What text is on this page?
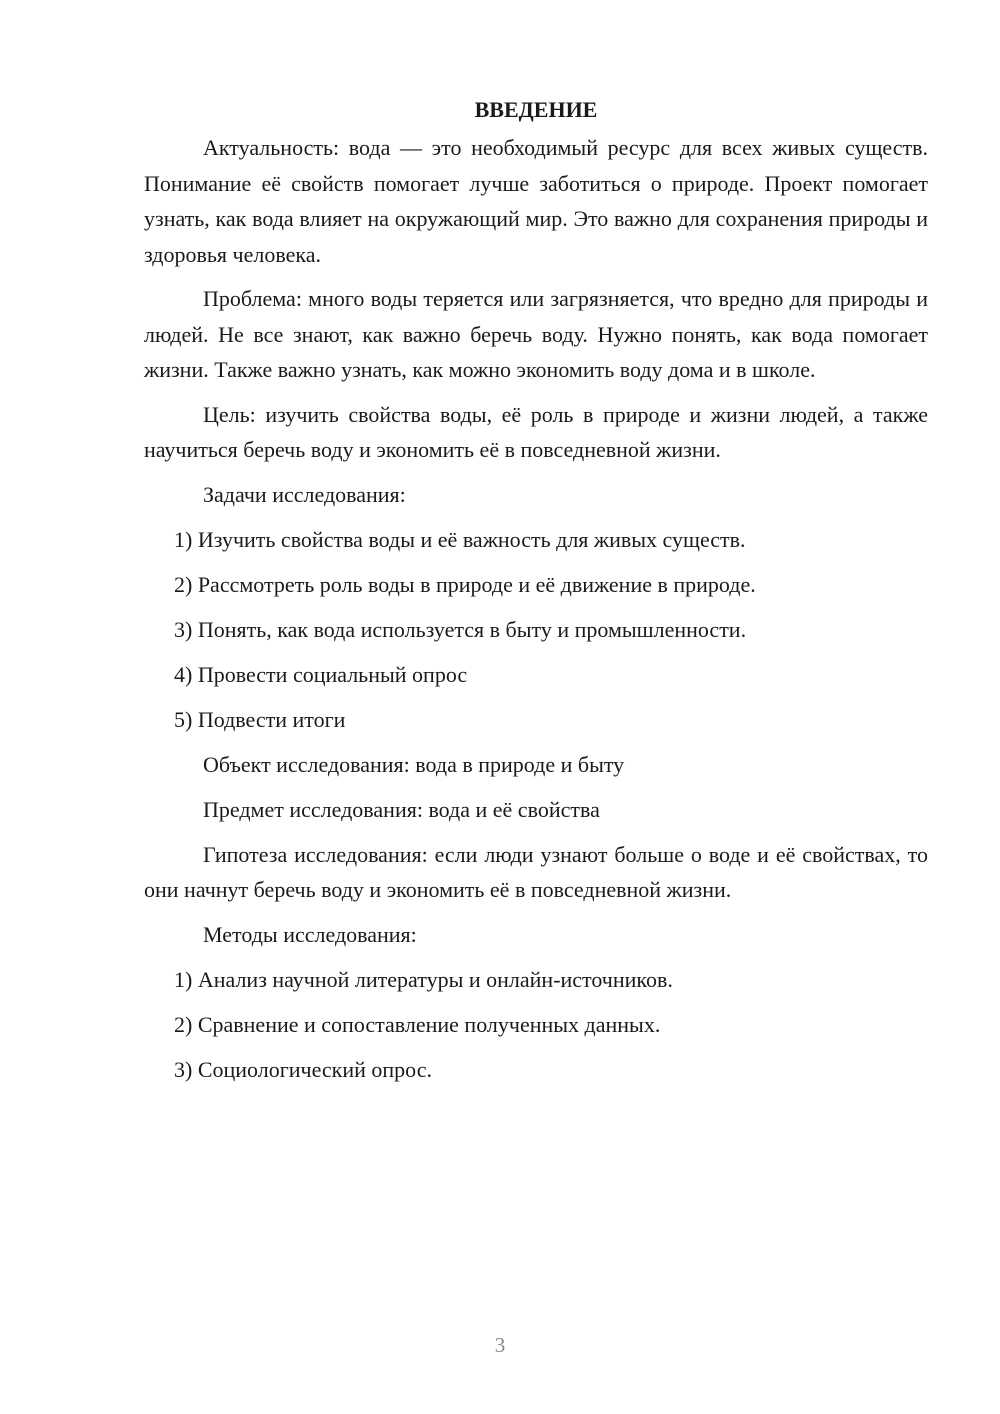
ВВЕДЕНИЕ

Актуальность: вода — это необходимый ресурс для всех живых существ. Понимание её свойств помогает лучше заботиться о природе. Проект помогает узнать, как вода влияет на окружающий мир. Это важно для сохранения природы и здоровья человека.

Проблема: много воды теряется или загрязняется, что вредно для природы и людей. Не все знают, как важно беречь воду. Нужно понять, как вода помогает жизни. Также важно узнать, как можно экономить воду дома и в школе.

Цель: изучить свойства воды, её роль в природе и жизни людей, а также научиться беречь воду и экономить её в повседневной жизни.

Задачи исследования:
1) Изучить свойства воды и её важность для живых существ.
2) Рассмотреть роль воды в природе и её движение в природе.
3) Понять, как вода используется в быту и промышленности.
4) Провести социальный опрос
5) Подвести итоги
Объект исследования: вода в природе и быту
Предмет исследования: вода и её свойства

Гипотеза исследования: если люди узнают больше о воде и её свойствах, то они начнут беречь воду и экономить её в повседневной жизни.

Методы исследования:
1) Анализ научной литературы и онлайн-источников.
2) Сравнение и сопоставление полученных данных.
3) Социологический опрос.
3
